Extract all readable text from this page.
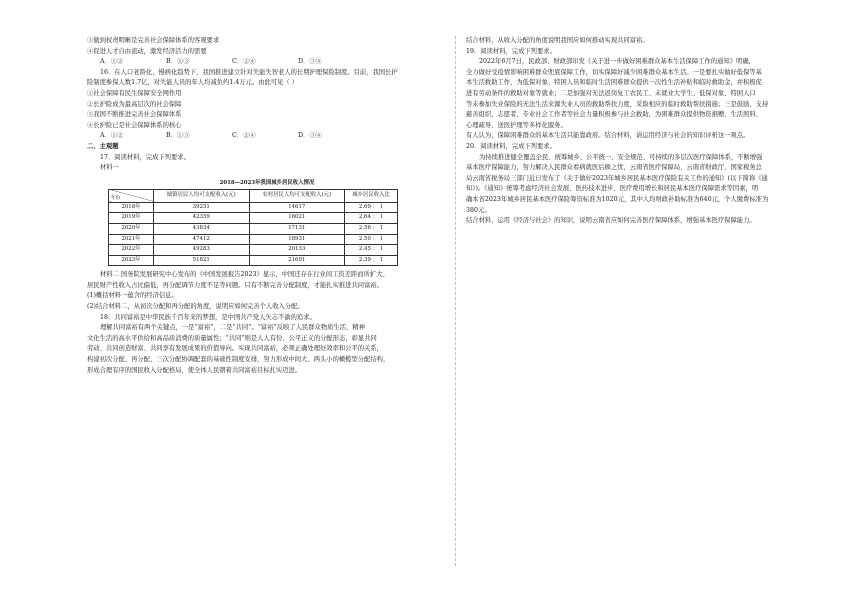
③做到权责明晰是完善社会保障体系的客观要求
④促进人才自由流动，激发经济活力的需要
A．①②	B．①③	C．②④	D．③④
16．在人口老龄化、慢病化趋势下，我国推进建立针对失能失智老人的长期护理保险制度。目前，我国长护
险制度参保人数1.7亿，对失能人员的年人均减负约1.4万元。由此可见（ ）
①社会保障有民生保障安全网作用
②长护险成为最高层次的社会保障
③我国不断推进完善社会保障体系
④长护险已是社会保障体系的核心
A．①②	B．①③	C．②④	D．③④
二、主观题
17．阅读材料，完成下列要求。
材料一
2018—2023年我国城乡居民收入情况
年份	城镇居民人均可支配收入(元)	农村居民人均可支配收入(元)	城乡居民收入比
2018年	39251	14617	2.69 ： 1
2019年	42359	16021	2.64 ： 1
2020年	43834	17131	2.56 ： 1
2021年	47412	18931	2.50 ： 1
2022年	49283	20133	2.45 ： 1
2023年	51821	21691	2.39 ： 1
材料二 国务院发展研究中心发布的《中国发展报告2023》显示，中国还存在行业间工资差距而所扩大、
居民财产性收入占比偏低，再分配调节力度不足等问题。只有不断完善分配制度，才能扎实推进共同富裕。
(1)概括材料一蕴含的经济信息。
(2)结合材料二，从初次分配和再分配的角度，说明应如何完善个人收入分配。
18．共同富裕是中华民族千百年来的梦想，是中国共产党人矢志不渝的追求。
理解共同富裕有两个关键点，一是“富裕”，二是“共同”。“富裕”反映了人民群众物质生活、精神
文化生活的高水平供给和高品质消费的质量属性；“共同”则是人人有份、公平正义的分配形态，彰显共同
劳动、共同创造财富、共同享有发展成果的价值导向。实现共同富裕，必须正确处理好效率和公平的关系，
构建初次分配、再分配、三次分配协调配套的基础性制度安排，努力形成中间大、两头小的橄榄型分配结构，
形成合理有序的国民收入分配格局，使全体人民朝着共同富裕目标扎实迈进。
结合材料，从收入分配的角度说明我国应如何推动实现共同富裕。
19．阅读材料，完成下列要求。
2022年6月7日，民政部、财政部印发《关于进一步做好困难群众基本生活保障工作的通知》明确，
全力做好受疫情影响困难群众兜底保障工作，切实保障好减少困难群众基本生活。一是要扎实做好低保等基
本生活救助工作，为低保对象、特困人员和临时生活困难群众提供一次性生活补贴和临时救助金，并积极促
进有劳动条件的救助对象等就业；二是加强对无法返岗复工农民工、未就业大学生、低保对象、特困人口
等未参加失业保险的无法生活来源失业人员的救助帮扶力度，采取相应的临时救助帮扶措施；三是鼓励、支持
慈善组织、志愿者、专业社会工作者等社会力量积极参与社会救助，为困难群众提供物资捐赠、生活照料、
心理疏导、送医护理等多样化服务。
有人认为，保障困难群众的基本生活只能靠政府。结合材料，请运用经济与社会的知识评析这一观点。
20．阅读材料，完成下列要求。
为持续推进健全覆盖全民、统筹城乡、公平统一、安全规范、可持续的多层次医疗保障体系，不断增强
基本医疗保障能力，努力解决人民群众看病就医后顾之忧，云南省医疗保障局、云南省财政厅、国家税务总
局云南省税务局三部门近日发布了《关于做好2023年城乡居民基本医疗保险有关工作的通知》(以下简称《通
知》)。《通知》统筹考虑经济社会发展、医药技术进步、医疗费用增长和居民基本医疗保障需求等因素，明
确本省2023年城乡居民基本医疗保险筹资标准为1020元，其中人均财政补助标准为640元，个人缴费标准为
380元。
结合材料，运用《经济与社会》的知识，说明云南省应如何完善医疗保障体系，增强基本医疗保障能力。
